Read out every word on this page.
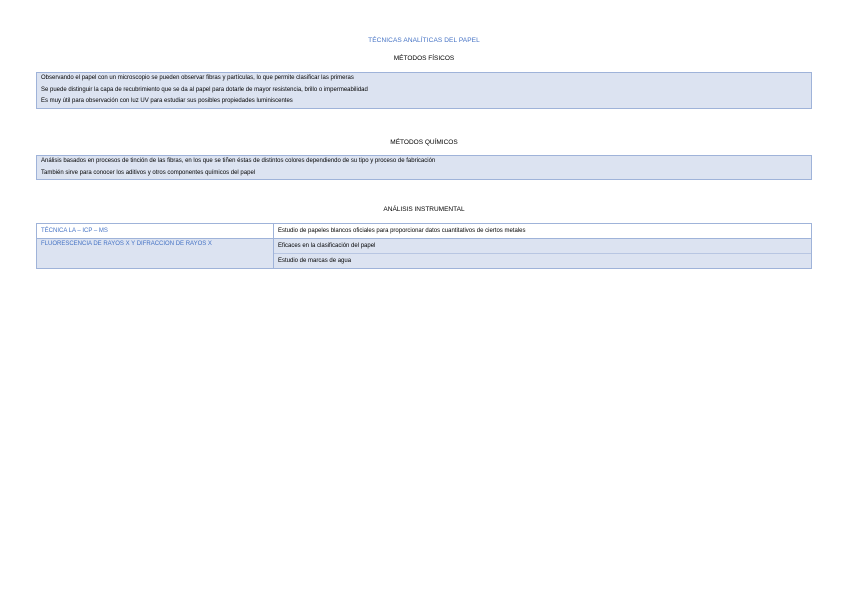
TÉCNICAS ANALÍTICAS DEL PAPEL
MÉTODOS FÍSICOS
Observando el papel con un microscopio se pueden observar fibras y partículas, lo que permite clasificar las primeras
Se puede distinguir la capa de recubrimiento que se da al papel para dotarle de mayor resistencia, brillo o impermeabilidad
Es muy útil para observación con luz UV para estudiar sus posibles propiedades luminiscentes
MÉTODOS QUÍMICOS
Análisis basados en procesos de tinción de las fibras, en los que se tiñen éstas de distintos colores dependiendo de su tipo y proceso de fabricación
También sirve para conocer los aditivos y otros componentes químicos del papel
ANÁLISIS INSTRUMENTAL
TÉCNICA LA – ICP – MS	Estudio de papeles blancos oficiales para proporcionar datos cuantitativos de ciertos metales
FLUORESCENCIA DE RAYOS X Y DIFRACCION DE RAYOS X	Eficaces en la clasificación del papel
Estudio de marcas de agua
